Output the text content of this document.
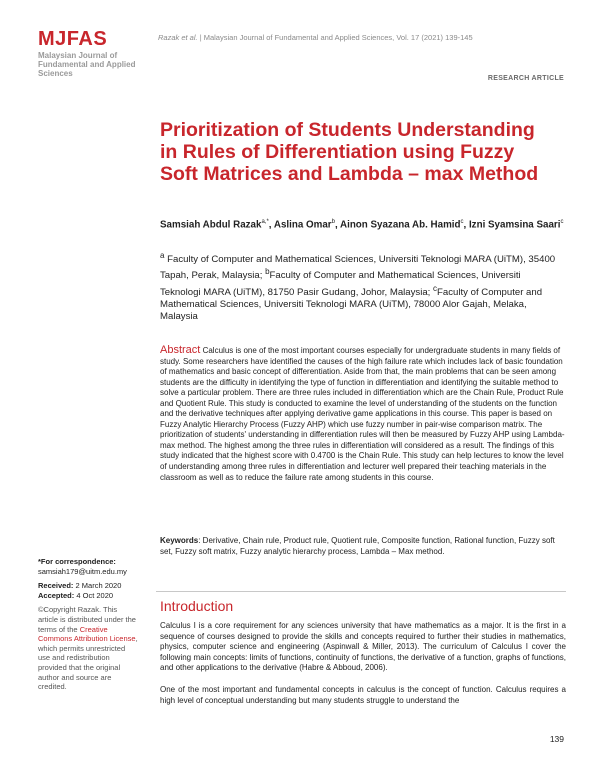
MJFAS
Malaysian Journal of Fundamental and Applied Sciences
Razak et al. | Malaysian Journal of Fundamental and Applied Sciences, Vol. 17 (2021) 139-145
RESEARCH ARTICLE
Prioritization of Students Understanding in Rules of Differentiation using Fuzzy Soft Matrices and Lambda – max Method
Samsiah Abdul Razak$^{a,*}$, Aslina Omar$^b$, Ainon Syazana Ab. Hamid$^c$, Izni Syamsina Saari$^c$
$^a$ Faculty of Computer and Mathematical Sciences, Universiti Teknologi MARA (UiTM), 35400 Tapah, Perak, Malaysia; $^b$Faculty of Computer and Mathematical Sciences, Universiti Teknologi MARA (UiTM), 81750 Pasir Gudang, Johor, Malaysia; $^c$Faculty of Computer and Mathematical Sciences, Universiti Teknologi MARA (UiTM), 78000 Alor Gajah, Melaka, Malaysia
Abstract Calculus is one of the most important courses especially for undergraduate students in many fields of study. Some researchers have identified the causes of the high failure rate which includes lack of basic foundation of mathematics and basic concept of differentiation. Aside from that, the main problems that can be seen among students are the difficulty in identifying the type of function in differentiation and identifying the suitable method to solve a particular problem. There are three rules included in differentiation which are the Chain Rule, Product Rule and Quotient Rule. This study is conducted to examine the level of understanding of the students on the function and the derivative techniques after applying derivative game applications in this course. This paper is based on Fuzzy Analytic Hierarchy Process (Fuzzy AHP) which use fuzzy number in pair-wise comparison matrix. The prioritization of students' understanding in differentiation rules will then be measured by Fuzzy AHP using Lambda-max method. The highest among the three rules in differentiation will considered as a result. The findings of this study indicated that the highest score with 0.4700 is the Chain Rule. This study can help lectures to know the level of understanding among three rules in differentiation and lecturer well prepared their teaching materials in the classroom as well as to reduce the failure rate among students in this course.
Keywords: Derivative, Chain rule, Product rule, Quotient rule, Composite function, Rational function, Fuzzy soft set, Fuzzy soft matrix, Fuzzy analytic hierarchy process, Lambda – Max method.
*For correspondence:
samsiah179@uitm.edu.my
Received: 2 March 2020
Accepted: 4 Oct 2020
©Copyright Razak. This article is distributed under the terms of the Creative Commons Attribution License, which permits unrestricted use and redistribution provided that the original author and source are credited.
Introduction
Calculus I is a core requirement for any sciences university that have mathematics as a major. It is the first in a sequence of courses designed to provide the skills and concepts required to further their studies in mathematics, physics, computer science and engineering (Aspinwall & Miller, 2013). The curriculum of Calculus I cover the following main concepts: limits of functions, continuity of functions, the derivative of a function, graphs of functions, and other applications to the derivative (Habre & Abboud, 2006).
One of the most important and fundamental concepts in calculus is the concept of function. Calculus requires a high level of conceptual understanding but many students struggle to understand the
139
